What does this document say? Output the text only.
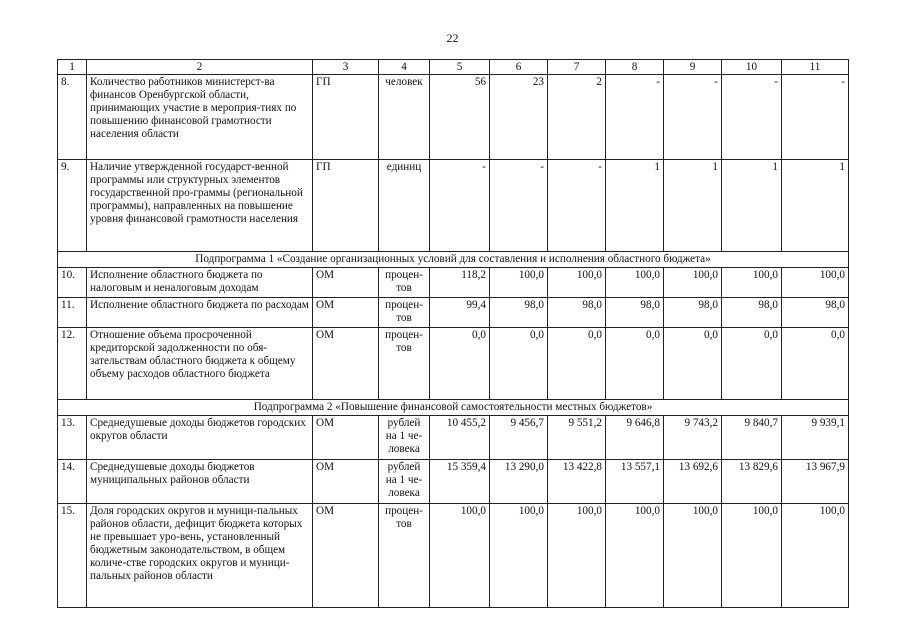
22
1	2	3	4	5	6	7	8	9	10	11
8.	Количество работников министерст-ва финансов Оренбургской области, принимающих участие в мероприя-тиях по повышению финансовой грамотности населения области	ГП	человек	56	23	2	-	-	-	-
9.	Наличие утвержденной государст-венной программы или структурных элементов государственной про-граммы (региональной программы), направленных на повышение уровня финансовой грамотности населения	ГП	единиц	-	-	-	1	1	1	1
Подпрограмма 1 «Создание организационных условий для составления и исполнения областного бюджета»										
10.	Исполнение областного бюджета по налоговым и неналоговым доходам	ОМ	процен-тов	118,2	100,0	100,0	100,0	100,0	100,0	100,0
11.	Исполнение областного бюджета по расходам	ОМ	процен-тов	99,4	98,0	98,0	98,0	98,0	98,0	98,0
12.	Отношение объема просроченной кредиторской задолженности по обя-зательствам областного бюджета к общему объему расходов областного бюджета	ОМ	процен-тов	0,0	0,0	0,0	0,0	0,0	0,0	0,0
Подпрограмма 2 «Повышение финансовой самостоятельности местных бюджетов»										
13.	Среднедушевые доходы бюджетов городских округов области	ОМ	рублей на 1 че-ловека	10 455,2	9 456,7	9 551,2	9 646,8	9 743,2	9 840,7	9 939,1
14.	Среднедушевые доходы бюджетов муниципальных районов области	ОМ	рублей на 1 че-ловека	15 359,4	13 290,0	13 422,8	13 557,1	13 692,6	13 829,6	13 967,9
15.	Доля городских округов и муници-пальных районов области, дефицит бюджета которых не превышает уро-вень, установленный бюджетным законодательством, в общем количе-стве городских округов и муници-пальных районов области	ОМ	процен-тов	100,0	100,0	100,0	100,0	100,0	100,0	100,0
